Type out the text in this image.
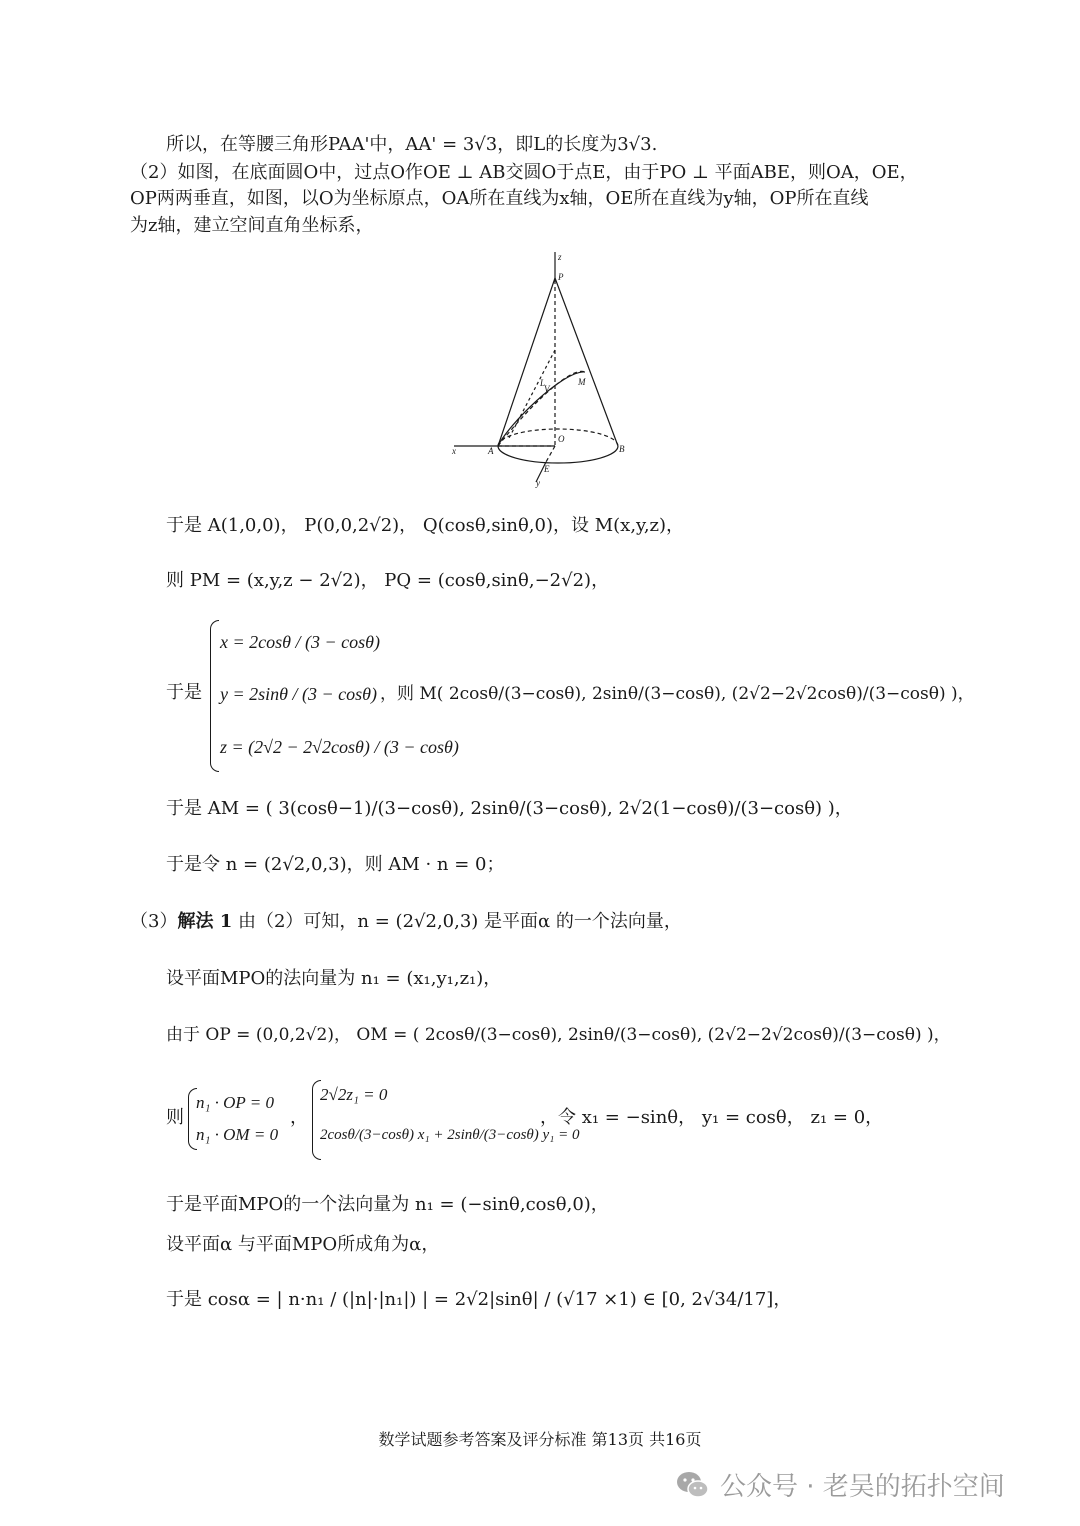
所以，在等腰三角形PAA'中，AA' = 3√3，即L的长度为3√3.
（2）如图，在底面圆O中，过点O作OE ⊥ AB交圆O于点E，由于PO ⊥ 平面ABE，则OA，OE，
OP两两垂直，如图，以O为坐标原点，OA所在直线为x轴，OE所在直线为y轴，OP所在直线
为z轴，建立空间直角坐标系，
z
P
M
L
V
O
A	B
x
E
y
于是 A(1,0,0)， P(0,0,2√2)， Q(cosθ,sinθ,0)，设 M(x,y,z)，
则 PM = (x,y,z − 2√2)， PQ = (cosθ,sinθ,−2√2)，
于是
x = 2cosθ / (3 − cosθ)
y = 2sinθ / (3 − cosθ)
z = (2√2 − 2√2cosθ) / (3 − cosθ)
，则 M( 2cosθ/(3−cosθ), 2sinθ/(3−cosθ), (2√2−2√2cosθ)/(3−cosθ) )，
于是 AM = ( 3(cosθ−1)/(3−cosθ), 2sinθ/(3−cosθ), 2√2(1−cosθ)/(3−cosθ) )，
于是令 n = (2√2,0,3)，则 AM · n = 0；
（3）解法 1 由（2）可知，n = (2√2,0,3) 是平面α 的一个法向量，
设平面MPO的法向量为 n₁ = (x₁,y₁,z₁)，
由于 OP = (0,0,2√2)， OM = ( 2cosθ/(3−cosθ), 2sinθ/(3−cosθ), (2√2−2√2cosθ)/(3−cosθ) )，
则
n₁ · OP = 0
n₁ · OM = 0
，
2√2z₁ = 0
2cosθ/(3−cosθ) x₁ + 2sinθ/(3−cosθ) y₁ = 0
，令 x₁ = −sinθ， y₁ = cosθ， z₁ = 0，
于是平面MPO的一个法向量为 n₁ = (−sinθ,cosθ,0)，
设平面α 与平面MPO所成角为α，
于是 cosα = | n·n₁ / (|n|·|n₁|) | = 2√2|sinθ| / (√17 ×1) ∈ [0, 2√34/17]，
数学试题参考答案及评分标准 第13页 共16页
公众号 · 老吴的拓扑空间
